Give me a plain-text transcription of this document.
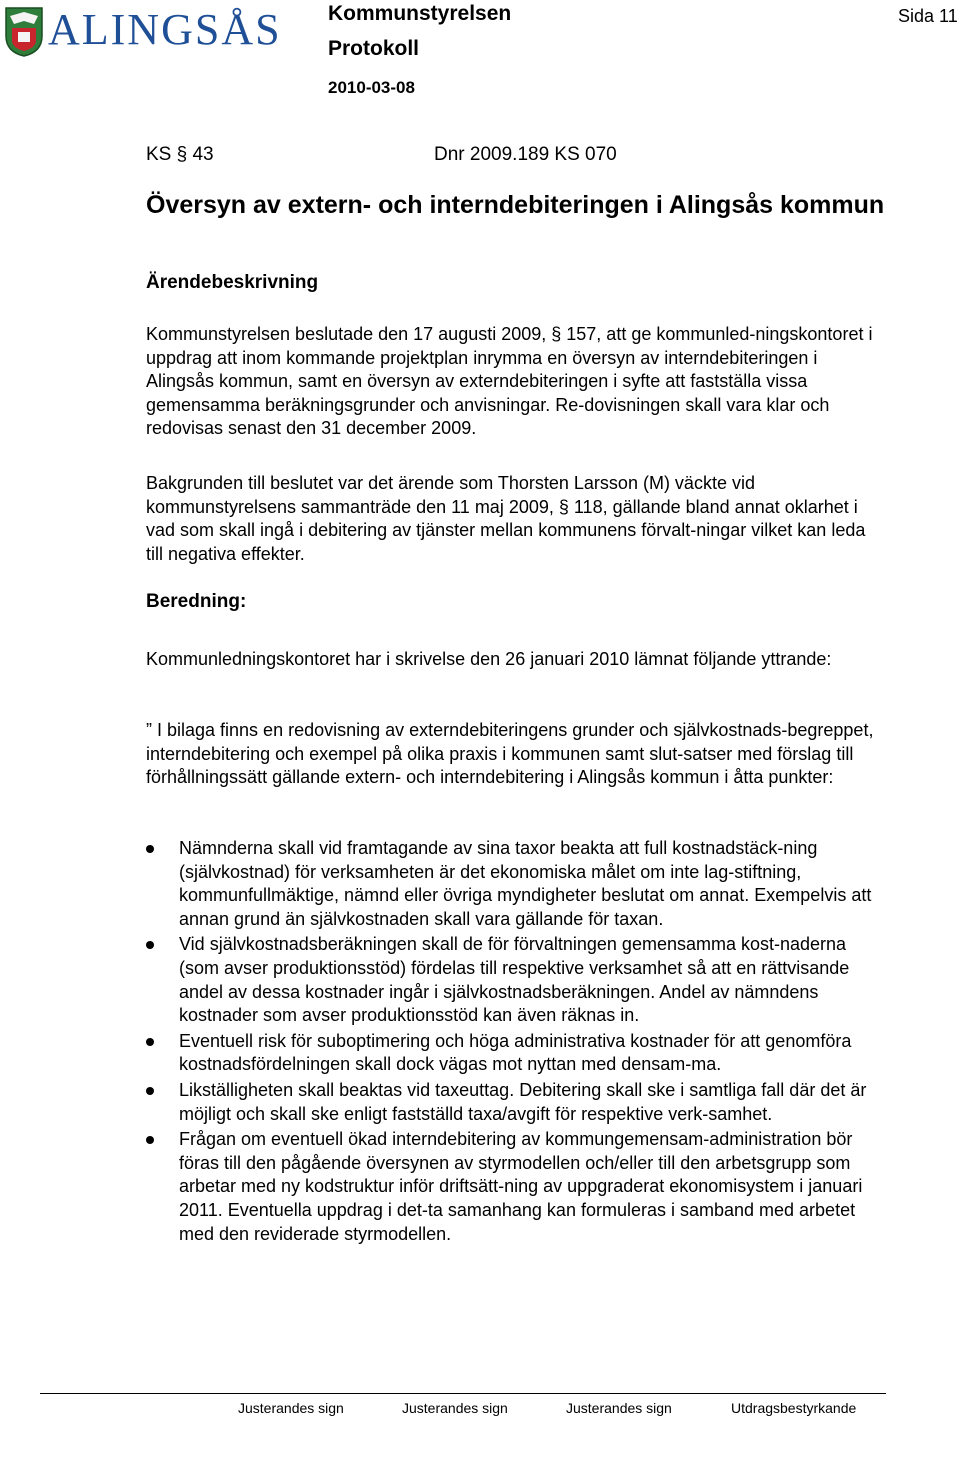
ALINGSÅS Kommunstyrelsen
Protokoll
2010-03-08
Sida 11
KS § 43	Dnr 2009.189 KS 070
Översyn av extern- och interndebiteringen i Alingsås kommun
Ärendebeskrivning

Kommunstyrelsen beslutade den 17 augusti 2009, § 157, att ge kommunled-ningskontoret i uppdrag att inom kommande projektplan inrymma en översyn av interndebiteringen i Alingsås kommun, samt en översyn av externdebiteringen i syfte att fastställa vissa gemensamma beräkningsgrunder och anvisningar. Re-dovisningen skall vara klar och redovisas senast den 31 december 2009.

Bakgrunden till beslutet var det ärende som Thorsten Larsson (M) väckte vid kommunstyrelsens sammanträde den 11 maj 2009, § 118, gällande bland annat oklarhet i vad som skall ingå i debitering av tjänster mellan kommunens förvalt-ningar vilket kan leda till negativa effekter.

Beredning:

Kommunledningskontoret har i skrivelse den 26 januari 2010 lämnat följande yttrande:

” I bilaga finns en redovisning av externdebiteringens grunder och självkostnads-begreppet, interndebitering och exempel på olika praxis i kommunen samt slut-satser med förslag till förhållningssätt gällande extern- och interndebitering i Alingsås kommun i åtta punkter:

Nämnderna skall vid framtagande av sina taxor beakta att full kostnadstäck-ning (självkostnad) för verksamheten är det ekonomiska målet om inte lag-stiftning, kommunfullmäktige, nämnd eller övriga myndigheter beslutat om annat. Exempelvis att annan grund än självkostnaden skall vara gällande för taxan.
Vid självkostnadsberäkningen skall de för förvaltningen gemensamma kost-naderna (som avser produktionsstöd) fördelas till respektive verksamhet så att en rättvisande andel av dessa kostnader ingår i självkostnadsberäkningen. Andel av nämndens kostnader som avser produktionsstöd kan även räknas in.
Eventuell risk för suboptimering och höga administrativa kostnader för att genomföra kostnadsfördelningen skall dock vägas mot nyttan med densam-ma.
Likställigheten skall beaktas vid taxeuttag. Debitering skall ske i samtliga fall där det är möjligt och skall ske enligt fastställd taxa/avgift för respektive verk-samhet.
Frågan om eventuell ökad interndebitering av kommungemensam-administration bör föras till den pågående översynen av styrmodellen och/eller till den arbetsgrupp som arbetar med ny kodstruktur inför driftsätt-ning av uppgraderat ekonomisystem i januari 2011. Eventuella uppdrag i det-ta samanhang kan formuleras i samband med arbetet med den reviderade styrmodellen.
Justerandes sign	Justerandes sign	Justerandes sign	Utdragsbestyrkande
